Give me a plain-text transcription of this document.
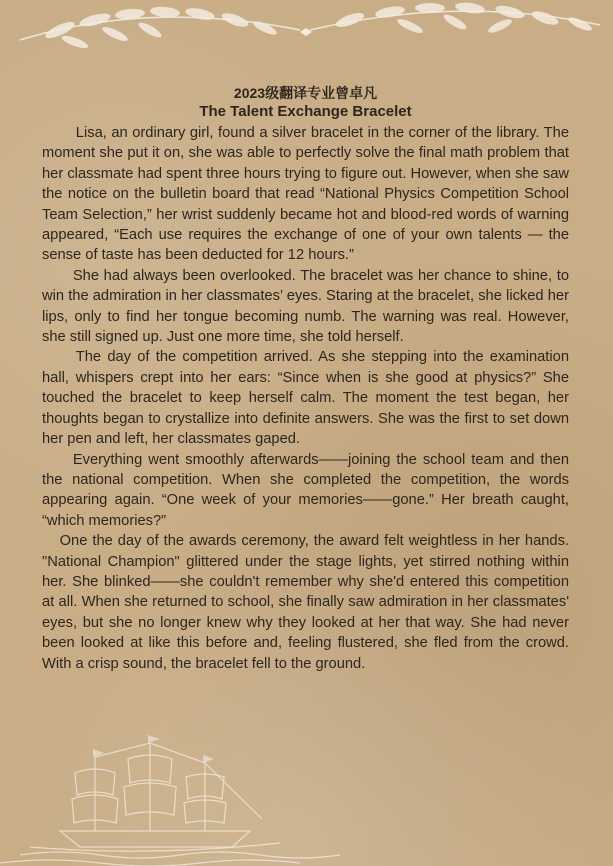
2023级翻译专业曾卓凡

The Talent Exchange Bracelet

Lisa, an ordinary girl, found a silver bracelet in the corner of the library. The moment she put it on, she was able to perfectly solve the final math problem that her classmate had spent three hours trying to figure out. However, when she saw the notice on the bulletin board that read “National Physics Competition School Team Selection,” her wrist suddenly became hot and blood-red words of warning appeared, “Each use requires the exchange of one of your own talents — the sense of taste has been deducted for 12 hours.”

She had always been overlooked. The bracelet was her chance to shine, to win the admiration in her classmates’ eyes. Staring at the bracelet, she licked her lips, only to find her tongue becoming numb. The warning was real. However, she still signed up. Just one more time, she told herself.

The day of the competition arrived. As she stepping into the examination hall, whispers crept into her ears: “Since when is she good at physics?” She touched the bracelet to keep herself calm. The moment the test began, her thoughts began to crystallize into definite answers. She was the first to set down her pen and left, her classmates gaped.

Everything went smoothly afterwards——joining the school team and then the national competition. When she completed the competition, the words appearing again. “One week of your memories——gone.” Her breath caught, “which memories?”

One the day of the awards ceremony, the award felt weightless in her hands. "National Champion" glittered under the stage lights, yet stirred nothing within her. She blinked——she couldn't remember why she'd entered this competition at all. When she returned to school, she finally saw admiration in her classmates' eyes, but she no longer knew why they looked at her that way. She had never been looked at like this before and, feeling flustered, she fled from the crowd. With a crisp sound, the bracelet fell to the ground.
